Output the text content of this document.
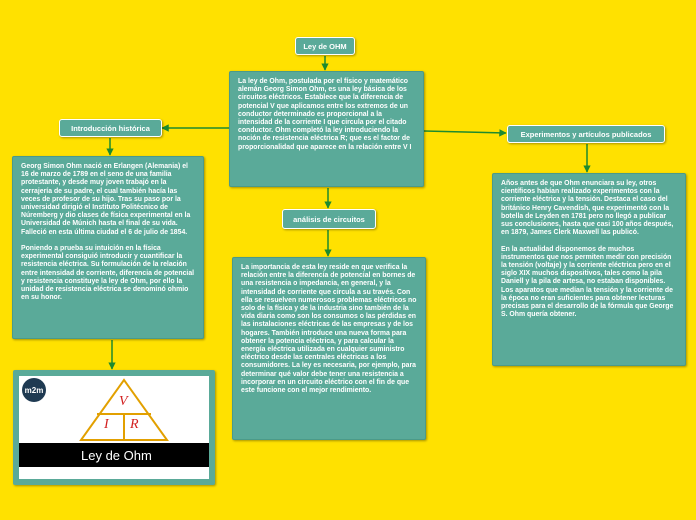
Ley de OHM
La ley de Ohm, postulada por el físico y matemático alemán Georg Simon Ohm, es una ley básica de los circuitos eléctricos. Establece que la diferencia de potencial V que aplicamos entre los extremos de un conductor determinado es proporcional a la intensidad de la corriente I que circula por el citado conductor. Ohm completó la ley introduciendo la noción de resistencia eléctrica R; que es el factor de proporcionalidad que aparece en la relación entre V I
Introducción histórica
Georg Simon Ohm nació en Erlangen (Alemania) el 16 de marzo de 1789 en el seno de una familia protestante, y desde muy joven trabajó en la cerrajería de su padre, el cual también hacía las veces de profesor de su hijo. Tras su paso por la universidad dirigió el Instituto Politécnico de Núremberg y dio clases de física experimental en la Universidad de Múnich hasta el final de su vida. Falleció en esta última ciudad el 6 de julio de 1854.

Poniendo a prueba su intuición en la física experimental consiguió introducir y cuantificar la resistencia eléctrica. Su formulación de la relación entre intensidad de corriente, diferencia de potencial y resistencia constituye la ley de Ohm, por ello la unidad de resistencia eléctrica se denominó ohmio en su honor.
Experimentos y artículos publicados
Años antes de que Ohm enunciara su ley, otros científicos habían realizado experimentos con la corriente eléctrica y la tensión. Destaca el caso del británico Henry Cavendish, que experimentó con la botella de Leyden en 1781 pero no llegó a publicar sus conclusiones, hasta que casi 100 años después, en 1879, James Clerk Maxwell las publicó.

En la actualidad disponemos de muchos instrumentos que nos permiten medir con precisión la tensión (voltaje) y la corriente eléctrica pero en el siglo XIX muchos dispositivos, tales como la pila Daniell y la pila de artesa, no estaban disponibles. Los aparatos que medían la tensión y la corriente de la época no eran suficientes para obtener lecturas precisas para el desarrollo de la fórmula que George S. Ohm quería obtener.
análisis de circuitos
La importancia de esta ley reside en que verifica la relación entre la diferencia de potencial en bornes de una resistencia o impedancia, en general, y la intensidad de corriente que circula a su través. Con ella se resuelven numerosos problemas eléctricos no solo de la física y de la industria sino también de la vida diaria como son los consumos o las pérdidas en las instalaciones eléctricas de las empresas y de los hogares. También introduce una nueva forma para obtener la potencia eléctrica, y para calcular la energía eléctrica utilizada en cualquier suministro eléctrico desde las centrales eléctricas a los consumidores. La ley es necesaria, por ejemplo, para determinar qué valor debe tener una resistencia a incorporar en un circuito eléctrico con el fin de que este funcione con el mejor rendimiento.
m2m
V
I R
Ley de Ohm
